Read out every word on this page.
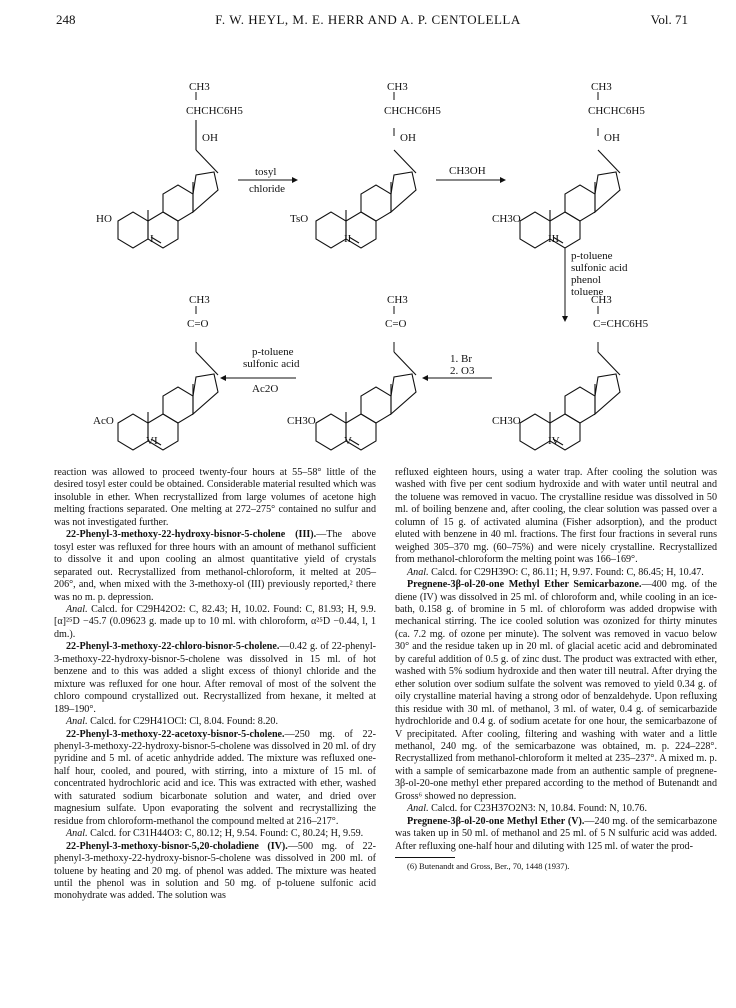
248	F. W. HEYL, M. E. HERR AND A. P. CENTOLELLA	Vol. 71
CH3
CHCHC6H5
OH
HO
I
tosyl
chloride
CH3
CHCHC6H5
OH
TsO
II
CH3OH
CH3
CHCHC6H5
OH
CH3O
III
p-toluene
sulfonic acid
phenol
toluene
CH3
C=CHC6H5
CH3O
IV
1. Br
2. O3
CH3
C=O
CH3O
V
p-toluene
sulfonic acid
Ac2O
CH3
C=O
AcO
VI

reaction was allowed to proceed twenty-four hours at 55–58° little of the desired tosyl ester could be obtained. Considerable material resulted which was insoluble in ether. When recrystallized from large volumes of acetone high melting fractions separated. One melting at 272–275° contained no sulfur and was not investigated further.

22-Phenyl-3-methoxy-22-hydroxy-bisnor-5-cholene (III).—The above tosyl ester was refluxed for three hours with an amount of methanol sufficient to dissolve it and upon cooling an almost quantitative yield of crystals separated out. Recrystallized from methanol-chloroform, it melted at 205–206°, and, when mixed with the 3-methoxy-ol (III) previously reported,² there was no m. p. depression.

Anal. Calcd. for C29H42O2: C, 82.43; H, 10.02. Found: C, 81.93; H, 9.9. [α]²⁵D −45.7 (0.09623 g. made up to 10 ml. with chloroform, α²⁵D −0.44, l, 1 dm.).

22-Phenyl-3-methoxy-22-chloro-bisnor-5-cholene.—0.42 g. of 22-phenyl-3-methoxy-22-hydroxy-bisnor-5-cholene was dissolved in 15 ml. of hot benzene and to this was added a slight excess of thionyl chloride and the mixture was refluxed for one hour. After removal of most of the solvent the chloro compound crystallized out. Recrystallized from hexane, it melted at 189–190°.

Anal. Calcd. for C29H41OCl: Cl, 8.04. Found: 8.20.

22-Phenyl-3-methoxy-22-acetoxy-bisnor-5-cholene.—250 mg. of 22-phenyl-3-methoxy-22-hydroxy-bisnor-5-cholene was dissolved in 20 ml. of dry pyridine and 5 ml. of acetic anhydride added. The mixture was refluxed one-half hour, cooled, and poured, with stirring, into a mixture of 15 ml. of concentrated hydrochloric acid and ice. This was extracted with ether, washed with saturated sodium bicarbonate solution and water, and dried over magnesium sulfate. Upon evaporating the solvent and recrystallizing the residue from chloroform-methanol the compound melted at 216–217°.

Anal. Calcd. for C31H44O3: C, 80.12; H, 9.54. Found: C, 80.24; H, 9.59.

22-Phenyl-3-methoxy-bisnor-5,20-choladiene (IV).—500 mg. of 22-phenyl-3-methoxy-22-hydroxy-bisnor-5-cholene was dissolved in 200 ml. of toluene by heating and 20 mg. of phenol was added. The mixture was heated until the phenol was in solution and 50 mg. of p-toluene sulfonic acid monohydrate was added. The solution was

refluxed eighteen hours, using a water trap. After cooling the solution was washed with five per cent sodium hydroxide and with water until neutral and the toluene was removed in vacuo. The crystalline residue was dissolved in 50 ml. of boiling benzene and, after cooling, the clear solution was passed over a column of 15 g. of activated alumina (Fisher adsorption), and the product eluted with benzene in 40 ml. fractions. The first four fractions in several runs weighed 305–370 mg. (60–75%) and were nicely crystalline. Recrystallized from methanol-chloroform the melting point was 166–169°.

Anal. Calcd. for C29H39O: C, 86.11; H, 9.97. Found: C, 86.45; H, 10.47.

Pregnene-3β-ol-20-one Methyl Ether Semicarbazone.—400 mg. of the diene (IV) was dissolved in 25 ml. of chloroform and, while cooling in an ice-bath, 0.158 g. of bromine in 5 ml. of chloroform was added dropwise with mechanical stirring. The ice cooled solution was ozonized for thirty minutes (ca. 7.2 mg. of ozone per minute). The solvent was removed in vacuo below 30° and the residue taken up in 20 ml. of glacial acetic acid and debrominated by careful addition of 0.5 g. of zinc dust. The product was extracted with ether, washed with 5% sodium hydroxide and then water till neutral. After drying the ether solution over sodium sulfate the solvent was removed to yield 0.34 g. of oily crystalline material having a strong odor of benzaldehyde. Upon refluxing this residue with 30 ml. of methanol, 3 ml. of water, 0.4 g. of semicarbazide hydrochloride and 0.4 g. of sodium acetate for one hour, the semicarbazone of V precipitated. After cooling, filtering and washing with water and a little methanol, 240 mg. of the semicarbazone was obtained, m. p. 224–228°. Recrystallized from methanol-chloroform it melted at 235–237°. A mixed m. p. with a sample of semicarbazone made from an authentic sample of pregnene-3β-ol-20-one methyl ether prepared according to the method of Butenandt and Gross⁶ showed no depression.

Anal. Calcd. for C23H37O2N3: N, 10.84. Found: N, 10.76.

Pregnene-3β-ol-20-one Methyl Ether (V).—240 mg. of the semicarbazone was taken up in 50 ml. of methanol and 25 ml. of 5 N sulfuric acid was added. After refluxing one-half hour and diluting with 125 ml. of water the prod-

(6) Butenandt and Gross, Ber., 70, 1448 (1937).
